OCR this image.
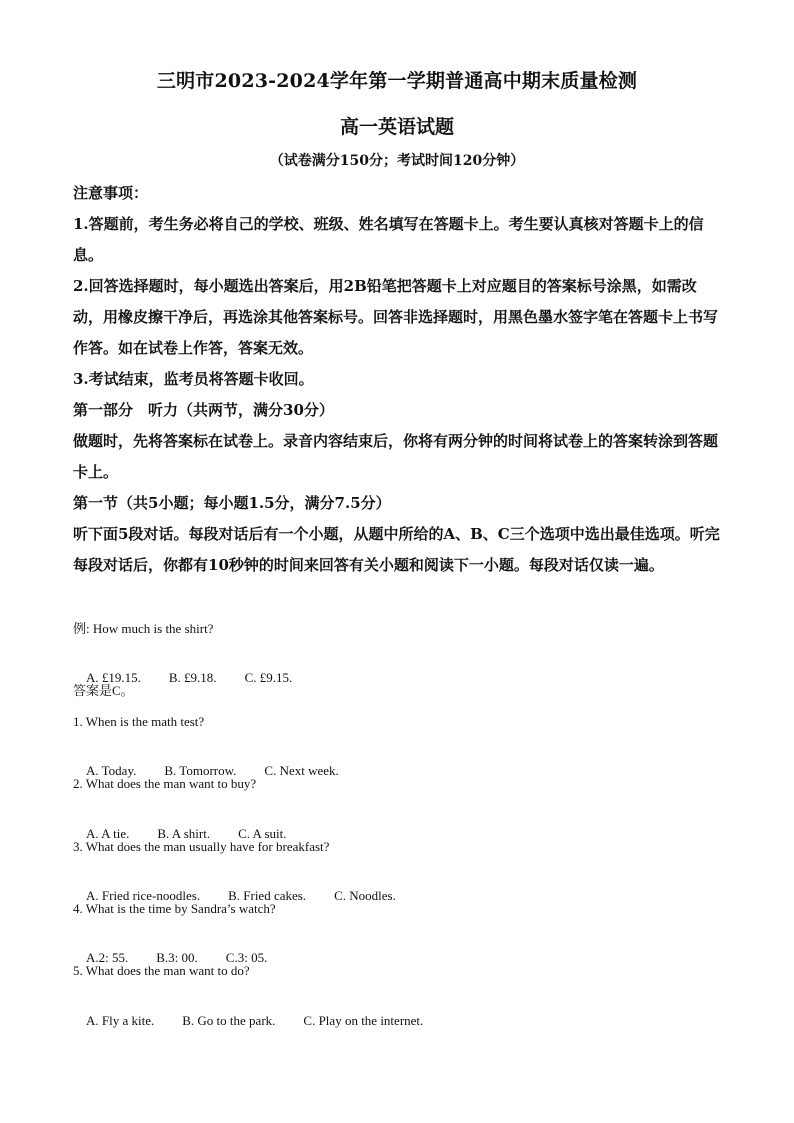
三明市2023-2024学年第一学期普通高中期末质量检测
高一英语试题
（试卷满分150分；考试时间120分钟）

注意事项：

1.答题前，考生务必将自己的学校、班级、姓名填写在答题卡上。考生要认真核对答题卡上的信息。

2.回答选择题时，每小题选出答案后，用2B铅笔把答题卡上对应题目的答案标号涂黑，如需改动，用橡皮擦干净后，再选涂其他答案标号。回答非选择题时，用黑色墨水签字笔在答题卡上书写作答。如在试卷上作答，答案无效。

3.考试结束，监考员将答题卡收回。

第一部分　听力（共两节，满分30分）

做题时，先将答案标在试卷上。录音内容结束后，你将有两分钟的时间将试卷上的答案转涂到答题卡上。

第一节（共5小题；每小题1.5分，满分7.5分）

听下面5段对话。每段对话后有一个小题，从题中所给的A、B、C三个选项中选出最佳选项。听完每段对话后，你都有10秒钟的时间来回答有关小题和阅读下一小题。每段对话仅读一遍。

例: How much is the shirt?

A. £19.15. B. £9.18. C. £9.15.

答案是C。
1. When is the math test?

A. Today. B. Tomorrow. C. Next week.

2. What does the man want to buy?

A. A tie. B. A shirt. C. A suit.

3. What does the man usually have for breakfast?

A. Fried rice-noodles. B. Fried cakes. C. Noodles.

4. What is the time by Sandra’s watch?

A.2: 55. B.3: 00. C.3: 05.

5. What does the man want to do?

A. Fly a kite. B. Go to the park. C. Play on the internet.
